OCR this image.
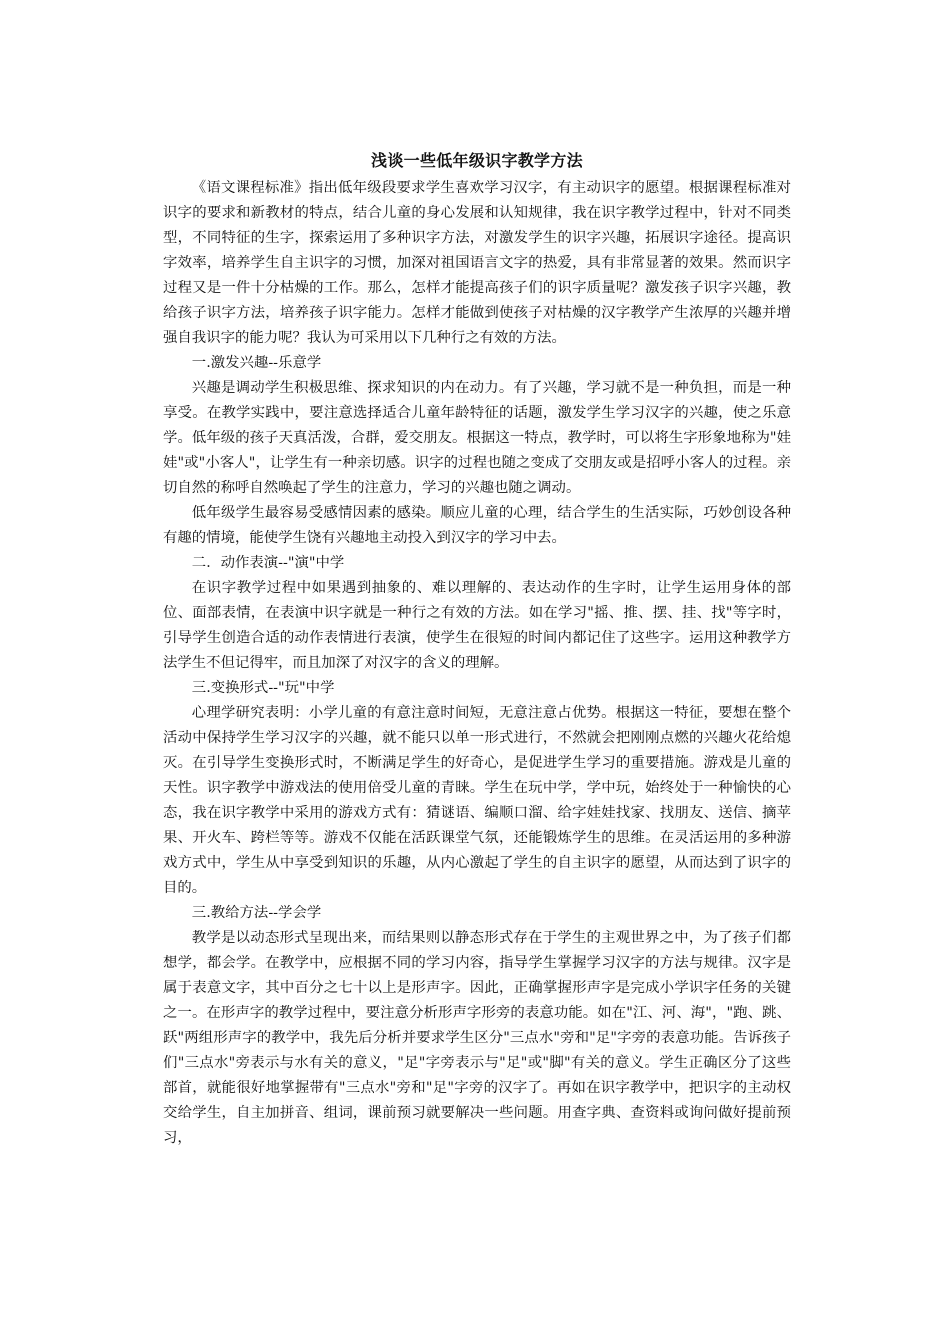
浅谈一些低年级识字教学方法

《语文课程标准》指出低年级段要求学生喜欢学习汉字，有主动识字的愿望。根据课程标准对识字的要求和新教材的特点，结合儿童的身心发展和认知规律，我在识字教学过程中，针对不同类型，不同特征的生字，探索运用了多种识字方法，对激发学生的识字兴趣，拓展识字途径。提高识字效率，培养学生自主识字的习惯，加深对祖国语言文字的热爱，具有非常显著的效果。然而识字过程又是一件十分枯燥的工作。那么，怎样才能提高孩子们的识字质量呢？激发孩子识字兴趣，教给孩子识字方法，培养孩子识字能力。怎样才能做到使孩子对枯燥的汉字教学产生浓厚的兴趣并增强自我识字的能力呢？我认为可采用以下几种行之有效的方法。

一.激发兴趣--乐意学

兴趣是调动学生积极思维、探求知识的内在动力。有了兴趣，学习就不是一种负担，而是一种享受。在教学实践中，要注意选择适合儿童年龄特征的话题，激发学生学习汉字的兴趣，使之乐意学。低年级的孩子天真活泼，合群，爱交朋友。根据这一特点，教学时，可以将生字形象地称为"娃娃"或"小客人"，让学生有一种亲切感。识字的过程也随之变成了交朋友或是招呼小客人的过程。亲切自然的称呼自然唤起了学生的注意力，学习的兴趣也随之调动。

低年级学生最容易受感情因素的感染。顺应儿童的心理，结合学生的生活实际，巧妙创设各种有趣的情境，能使学生饶有兴趣地主动投入到汉字的学习中去。

二．动作表演--"演"中学

在识字教学过程中如果遇到抽象的、难以理解的、表达动作的生字时，让学生运用身体的部位、面部表情，在表演中识字就是一种行之有效的方法。如在学习"摇、推、摆、挂、找"等字时，引导学生创造合适的动作表情进行表演，使学生在很短的时间内都记住了这些字。运用这种教学方法学生不但记得牢，而且加深了对汉字的含义的理解。

三.变换形式--"玩"中学

心理学研究表明：小学儿童的有意注意时间短，无意注意占优势。根据这一特征，要想在整个活动中保持学生学习汉字的兴趣，就不能只以单一形式进行，不然就会把刚刚点燃的兴趣火花给熄灭。在引导学生变换形式时，不断满足学生的好奇心，是促进学生学习的重要措施。游戏是儿童的天性。识字教学中游戏法的使用倍受儿童的青睐。学生在玩中学，学中玩，始终处于一种愉快的心态，我在识字教学中采用的游戏方式有：猜谜语、编顺口溜、给字娃娃找家、找朋友、送信、摘苹果、开火车、跨栏等等。游戏不仅能在活跃课堂气氛，还能锻炼学生的思维。在灵活运用的多种游戏方式中，学生从中享受到知识的乐趣，从内心激起了学生的自主识字的愿望，从而达到了识字的目的。

三.教给方法--学会学

教学是以动态形式呈现出来，而结果则以静态形式存在于学生的主观世界之中，为了孩子们都想学，都会学。在教学中，应根据不同的学习内容，指导学生掌握学习汉字的方法与规律。汉字是属于表意文字，其中百分之七十以上是形声字。因此，正确掌握形声字是完成小学识字任务的关键之一。在形声字的教学过程中，要注意分析形声字形旁的表意功能。如在"江、河、海"，"跑、跳、跃"两组形声字的教学中，我先后分析并要求学生区分"三点水"旁和"足"字旁的表意功能。告诉孩子们"三点水"旁表示与水有关的意义，"足"字旁表示与"足"或"脚"有关的意义。学生正确区分了这些部首，就能很好地掌握带有"三点水"旁和"足"字旁的汉字了。再如在识字教学中，把识字的主动权交给学生，自主加拼音、组词，课前预习就要解决一些问题。用查字典、查资料或询问做好提前预习，
